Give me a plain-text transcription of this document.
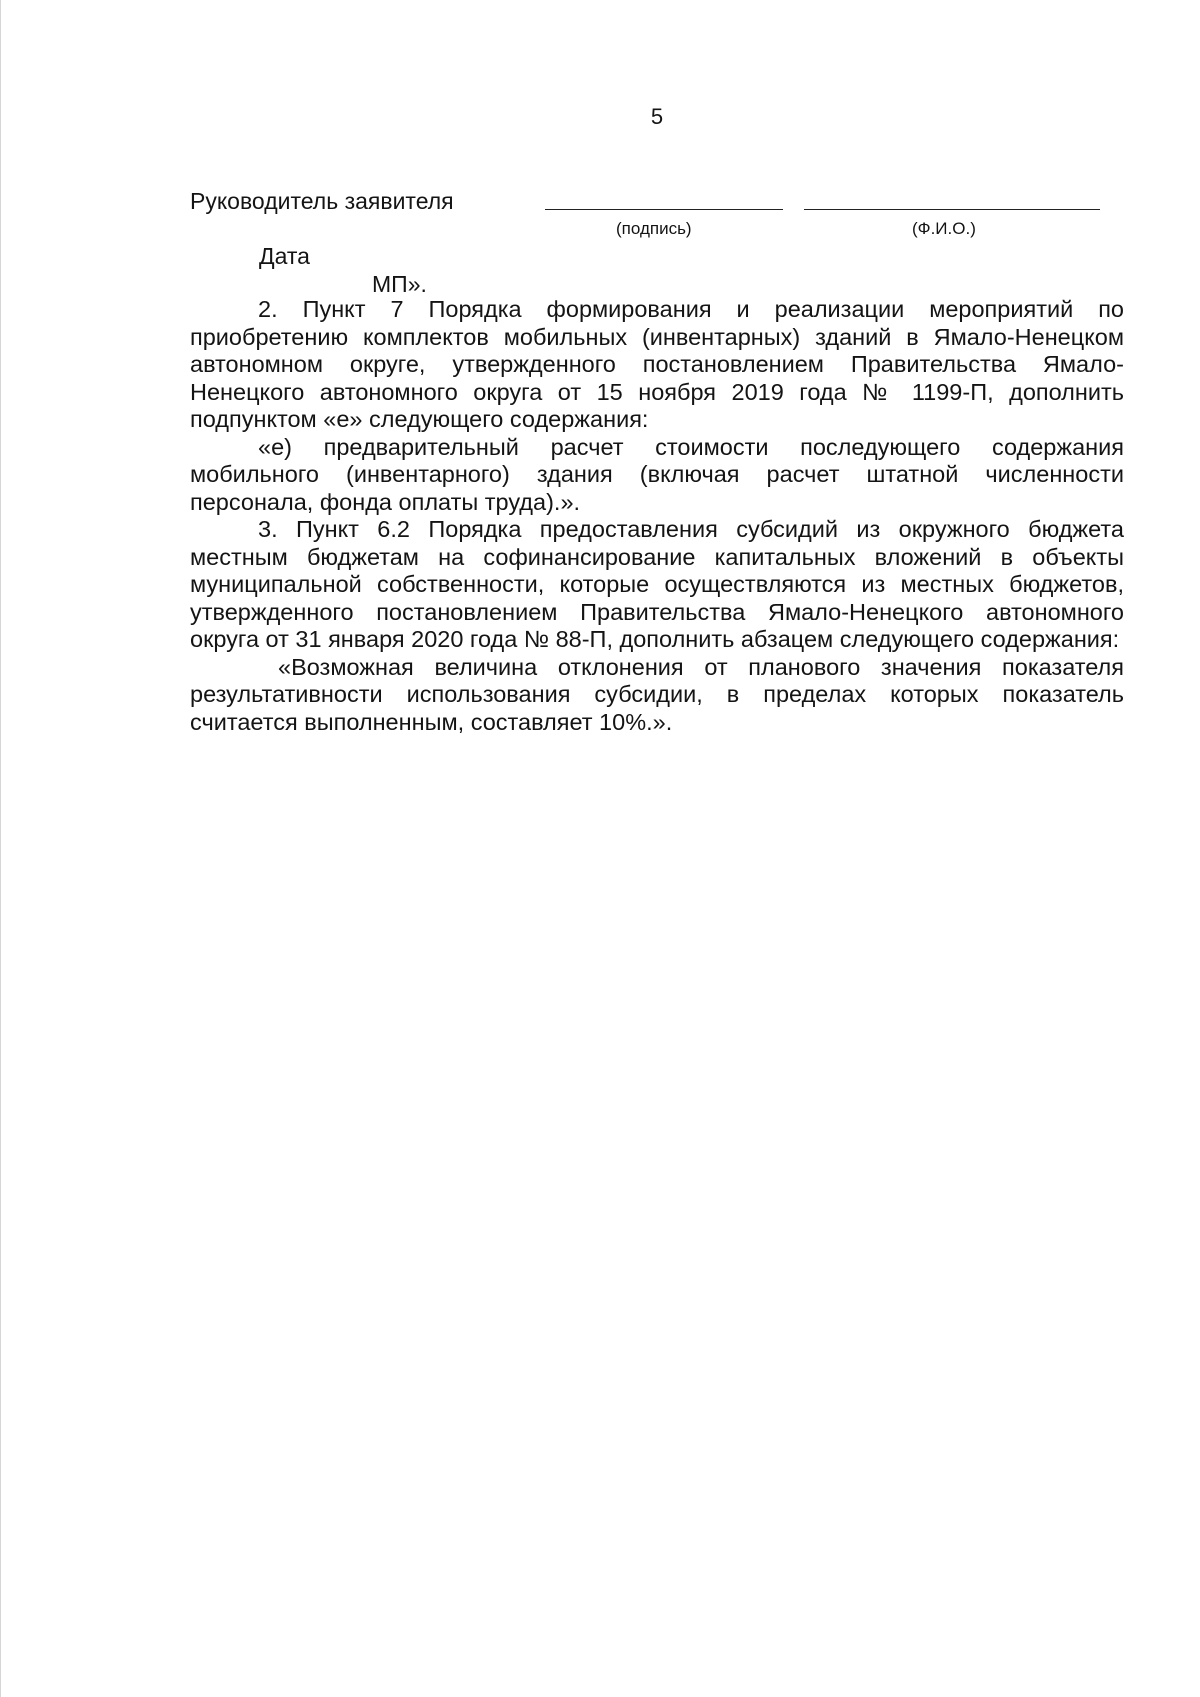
5
Руководитель заявителя
(подпись)	(Ф.И.О.)
Дата
МП».

2. Пункт 7 Порядка формирования и реализации мероприятий по приобретению комплектов мобильных (инвентарных) зданий в Ямало-Ненецком автономном округе, утвержденного постановлением Правительства Ямало-Ненецкого автономного округа от 15 ноября 2019 года № 1199-П, дополнить подпунктом «е» следующего содержания:

«е) предварительный расчет стоимости последующего содержания мобильного (инвентарного) здания (включая расчет штатной численности персонала, фонда оплаты труда).».

3. Пункт 6.2 Порядка предоставления субсидий из окружного бюджета местным бюджетам на софинансирование капитальных вложений в объекты муниципальной собственности, которые осуществляются из местных бюджетов, утвержденного постановлением Правительства Ямало-Ненецкого автономного округа от 31 января 2020 года № 88-П, дополнить абзацем следующего содержания:

«Возможная величина отклонения от планового значения показателя результативности использования субсидии, в пределах которых показатель считается выполненным, составляет 10%.».
